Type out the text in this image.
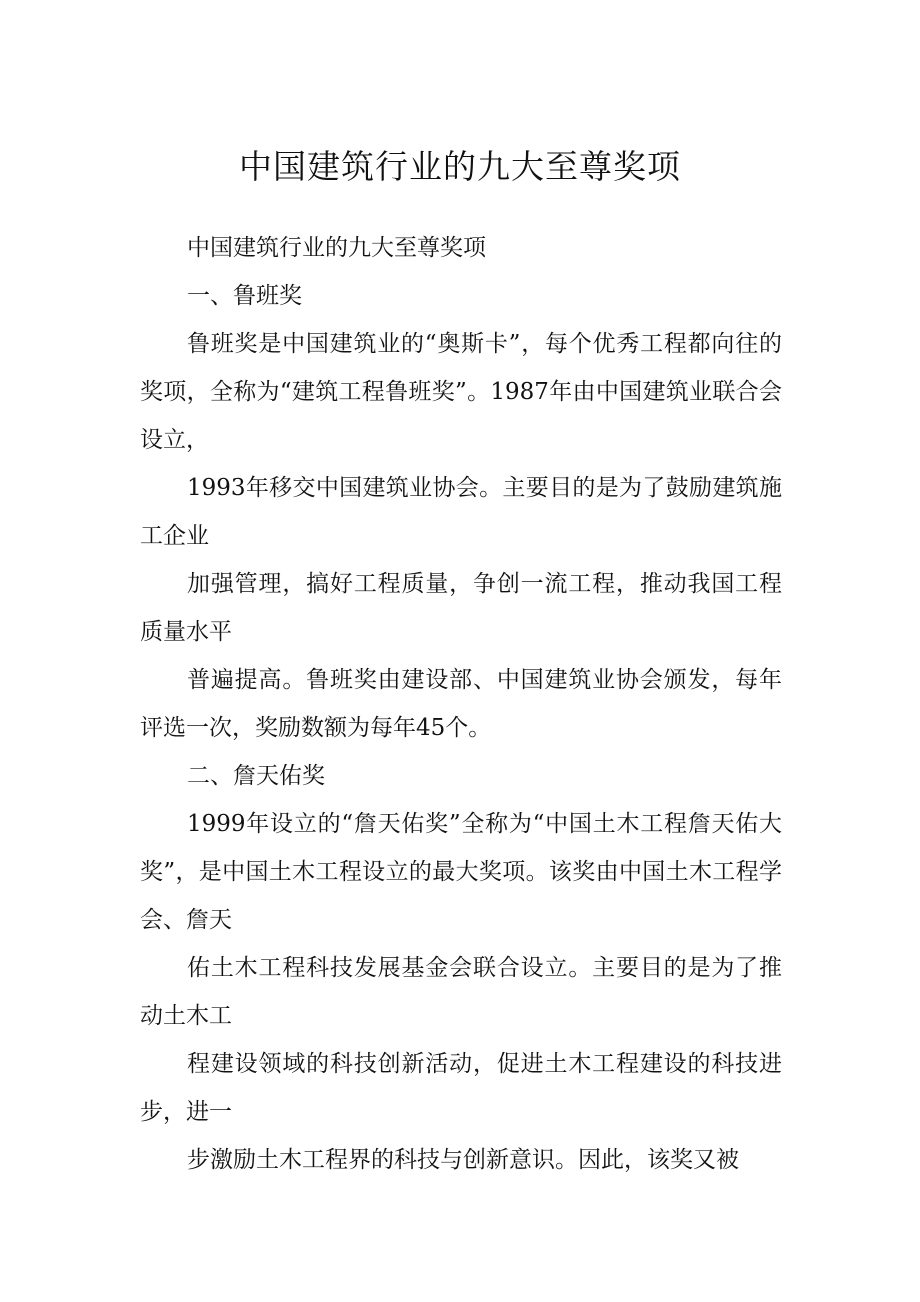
中国建筑行业的九大至尊奖项

中国建筑行业的九大至尊奖项

一、鲁班奖

鲁班奖是中国建筑业的“奥斯卡”，每个优秀工程都向往的奖项，全称为“建筑工程鲁班奖”。1987年由中国建筑业联合会设立，

1993年移交中国建筑业协会。主要目的是为了鼓励建筑施工企业

加强管理，搞好工程质量，争创一流工程，推动我国工程质量水平

普遍提高。鲁班奖由建设部、中国建筑业协会颁发，每年评选一次，奖励数额为每年45个。

二、詹天佑奖

1999年设立的“詹天佑奖”全称为“中国土木工程詹天佑大奖”，是中国土木工程设立的最大奖项。该奖由中国土木工程学会、詹天

佑土木工程科技发展基金会联合设立。主要目的是为了推动土木工

程建设领域的科技创新活动，促进土木工程建设的科技进步，进一

步激励土木工程界的科技与创新意识。因此，该奖又被
